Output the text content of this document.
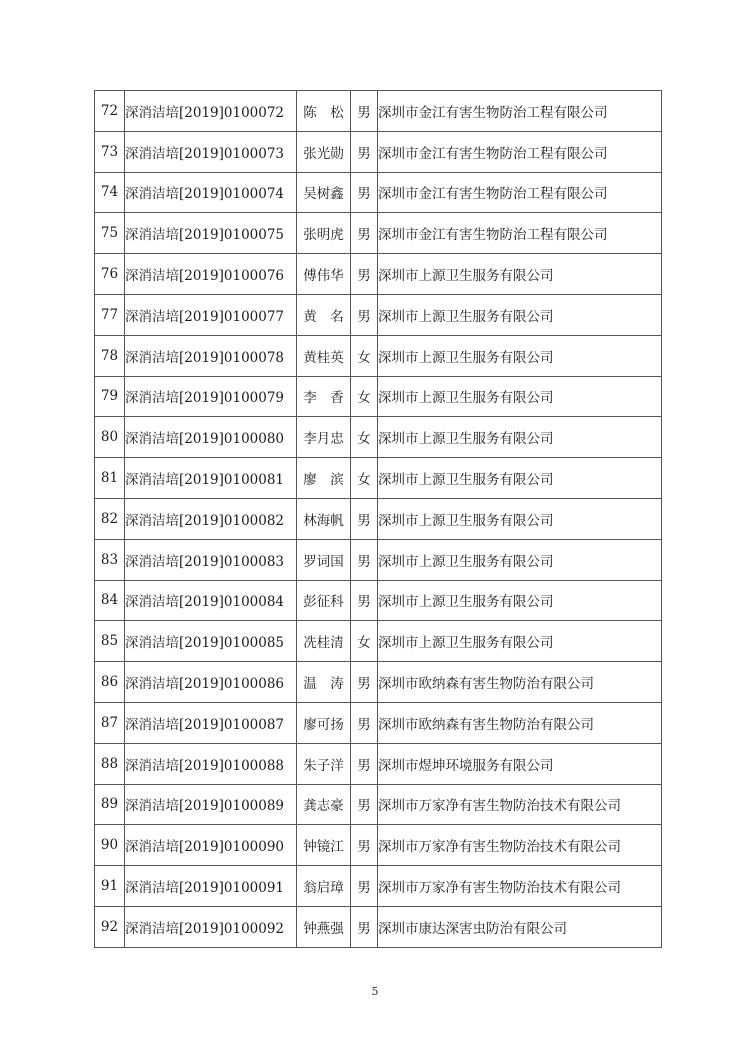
72	深消洁培[2019]0100072	陈　松	男	深圳市金江有害生物防治工程有限公司
73	深消洁培[2019]0100073	张光勋	男	深圳市金江有害生物防治工程有限公司
74	深消洁培[2019]0100074	吴树鑫	男	深圳市金江有害生物防治工程有限公司
75	深消洁培[2019]0100075	张明虎	男	深圳市金江有害生物防治工程有限公司
76	深消洁培[2019]0100076	傅伟华	男	深圳市上源卫生服务有限公司
77	深消洁培[2019]0100077	黄　名	男	深圳市上源卫生服务有限公司
78	深消洁培[2019]0100078	黄桂英	女	深圳市上源卫生服务有限公司
79	深消洁培[2019]0100079	李　香	女	深圳市上源卫生服务有限公司
80	深消洁培[2019]0100080	李月忠	女	深圳市上源卫生服务有限公司
81	深消洁培[2019]0100081	廖　滨	女	深圳市上源卫生服务有限公司
82	深消洁培[2019]0100082	林海帆	男	深圳市上源卫生服务有限公司
83	深消洁培[2019]0100083	罗词国	男	深圳市上源卫生服务有限公司
84	深消洁培[2019]0100084	彭征科	男	深圳市上源卫生服务有限公司
85	深消洁培[2019]0100085	冼桂清	女	深圳市上源卫生服务有限公司
86	深消洁培[2019]0100086	温　涛	男	深圳市欧纳森有害生物防治有限公司
87	深消洁培[2019]0100087	廖可扬	男	深圳市欧纳森有害生物防治有限公司
88	深消洁培[2019]0100088	朱子洋	男	深圳市煜坤环境服务有限公司
89	深消洁培[2019]0100089	龚志豪	男	深圳市万家净有害生物防治技术有限公司
90	深消洁培[2019]0100090	钟镜江	男	深圳市万家净有害生物防治技术有限公司
91	深消洁培[2019]0100091	翁启璋	男	深圳市万家净有害生物防治技术有限公司
92	深消洁培[2019]0100092	钟燕强	男	深圳市康达深害虫防治有限公司
5
